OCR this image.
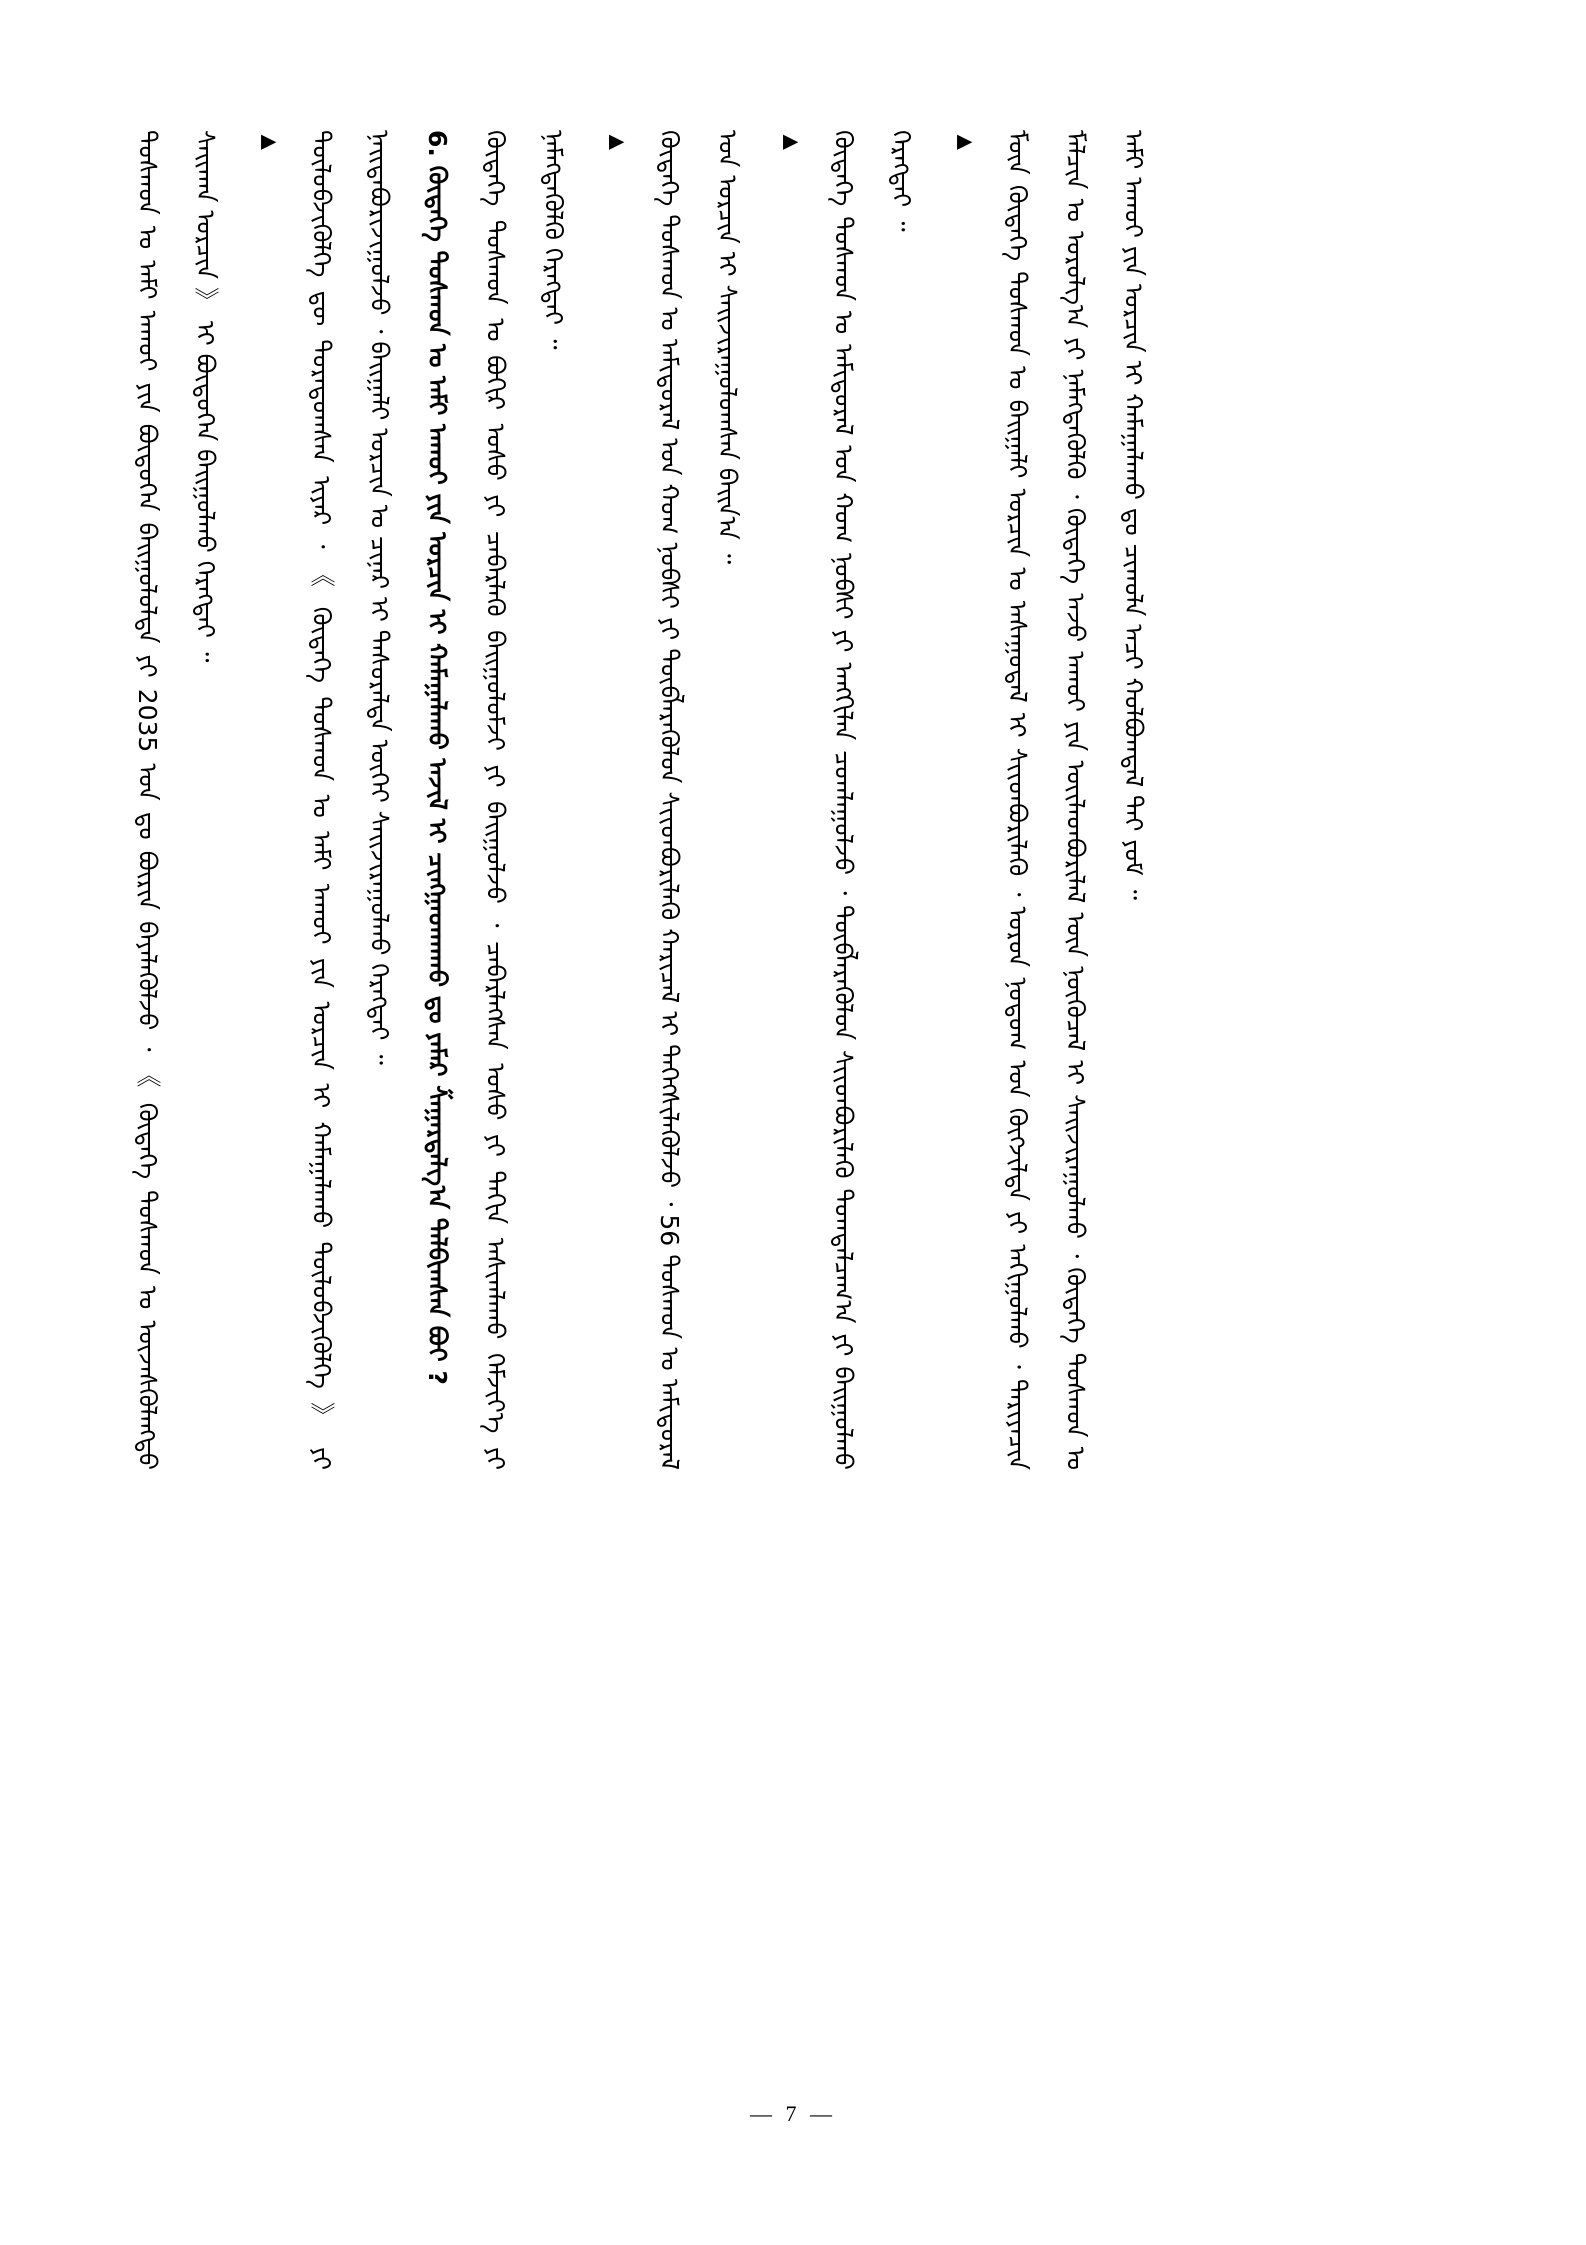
ᠲᠣᠰᠬᠣᠨ ᠤ ᠠᠮᠢ ᠠᠬᠤᠢ ᠶᠢᠨ ᠪᠦᠲᠦᠭᠡᠨ ᠪᠠᠢᠭᠤᠯᠤᠯᠲᠠ ᠶᠢ 2035 ᠣᠨ ᠳᠤ ᠪᠦᠷᠢᠨ ᠪᠡᠶᠡᠯᠡᠭᠦᠯᠵᠦ ᠂ 《 ᠬᠦᠳᠡᠭᠡ ᠲᠣᠰᠬᠣᠨ ᠤ ᠦᠵᠡᠰᠬᠦᠯᠡᠩᠲᠦ ᠰᠠᠢᠬᠠᠨ ᠣᠷᠴᠢᠨ 》 ᠢ ᠪᠦᠲᠦᠭᠡᠨ ᠪᠠᠢᠭᠤᠯᠬᠤ ᠬᠡᠷᠡᠭᠲᠡᠢ ᠃	▲ ᠲᠦᠯᠦᠪᠵᠢᠭᠦᠯᠭᠡ ᠳᠦ ᠳᠤᠷᠠᠳᠤᠭᠰᠠᠨ ᠢᠶᠠᠷ ᠂ 《 ᠬᠦᠳᠡᠭᠡ ᠲᠣᠰᠬᠣᠨ ᠤ ᠠᠮᠢ ᠠᠬᠤᠢ ᠶᠢᠨ ᠣᠷᠴᠢᠨ ᠢ ᠬᠠᠮᠠᠭᠠᠯᠠᠬᠤ ᠲᠦᠯᠦᠪᠵᠢᠭᠦᠯᠭᠡ 》 ᠶᠢ ᠨᠠᠢᠳᠠᠪᠤᠷᠢᠵᠢᠭᠤᠯᠵᠤ ᠂ ᠪᠠᠢᠭᠠᠯᠢ ᠣᠷᠴᠢᠨ ᠤ ᠴᠢᠨᠠᠷ ᠢ ᠲᠠᠰᠤᠷᠠᠯᠲᠠ ᠦᠭᠡᠢ ᠰᠠᠢᠵᠢᠷᠠᠭᠤᠯᠬᠤ ᠬᠡᠷᠡᠭᠲᠡᠢ ᠃	6. ᠬᠦᠳᠡᠭᠡ ᠲᠣᠰᠬᠣᠨ ᠤ ᠠᠮᠢ ᠠᠬᠤᠢ ᠶᠢᠨ ᠣᠷᠴᠢᠨ ᠢ ᠬᠠᠮᠠᠭᠠᠯᠠᠬᠤ ᠠᠵᠢᠯ ᠢ ᠴᠢᠩᠭᠠᠳᠬᠠᠬᠤ ᠳᠤ ᠶᠠᠮᠠᠷ ᠱᠠᠭᠠᠷᠳᠠᠯᠭ᠎ᠠ ᠲᠠᠯᠪᠢᠭᠰᠠᠨ ᠪᠤᠢ ?	ᠬᠦᠳᠡᠭᠡ ᠲᠣᠰᠬᠣᠨ ᠤ ᠪᠣᠬᠢᠷ ᠤᠰᠤ ᠶᠢ ᠴᠡᠪᠡᠷᠯᠡᠬᠦ ᠪᠠᠢᠭᠤᠯᠤᠮᠵᠢ ᠶᠢ ᠪᠠᠢᠭᠤᠯᠵᠤ ᠂ ᠴᠡᠪᠡᠷᠯᠡᠭᠰᠡᠨ ᠤᠰᠤ ᠶᠢ ᠳᠠᠬᠢᠨ ᠠᠰᠢᠭᠯᠠᠬᠤ ᠬᠡᠮᠵᠢᠶ᠎ᠡ ᠶᠢ ᠨᠡᠮᠡᠭᠳᠡᠭᠦᠯᠬᠦ ᠬᠡᠷᠡᠭᠲᠡᠢ ᠃	▲ ᠬᠦᠳᠡᠭᠡ ᠲᠣᠰᠬᠣᠨ ᠤ ᠠᠮᠢᠳᠤᠷᠠᠯ ᠤᠨ ᠬᠣᠭ ᠨᠣᠪᠰᠢ ᠶᠢ ᠲᠦᠪᠯᠡᠷᠡᠭᠦᠯᠦᠨ ᠰᠢᠢᠳᠪᠦᠷᠢᠯᠡᠬᠦ ᠬᠠᠷᠢᠴᠠᠯ ᠢ ᠳᠡᠭᠡᠭᠰᠢᠯᠡᠭᠦᠯᠵᠦ ᠂ 56 ᠲᠣᠰᠬᠣᠨ ᠤ ᠠᠮᠢᠳᠤᠷᠠᠯ ᠤᠨ ᠣᠷᠴᠢᠨ ᠢ ᠰᠠᠢᠵᠢᠷᠠᠭᠤᠯᠤᠭᠰᠠᠨ ᠪᠠᠢᠨ᠎ᠠ ᠃	▲ ᠬᠦᠳᠡᠭᠡ ᠲᠣᠰᠬᠣᠨ ᠤ ᠠᠮᠢᠳᠤᠷᠠᠯ ᠤᠨ ᠬᠣᠭ ᠨᠣᠪᠰᠢ ᠶᠢ ᠠᠩᠭᠢᠯᠠᠨ ᠴᠤᠭᠯᠠᠭᠤᠯᠵᠤ ᠂ ᠲᠦᠪᠯᠡᠷᠡᠭᠦᠯᠦᠨ ᠰᠢᠢᠳᠪᠦᠷᠢᠯᠡᠬᠦ ᠲᠣᠭᠲᠠᠯᠴᠠᠭ᠎ᠠ ᠶᠢ ᠪᠠᠢᠭᠤᠯᠬᠤ ᠬᠡᠷᠡᠭᠲᠡᠢ ᠃	▲ ᠮᠦᠨ ᠬᠦᠳᠡᠭᠡ ᠲᠣᠰᠬᠣᠨ ᠤ ᠪᠠᠢᠭᠠᠯᠢ ᠣᠷᠴᠢᠨ ᠤ ᠠᠰᠠᠭᠤᠳᠠᠯ ᠢ ᠰᠢᠢᠳᠪᠦᠷᠢᠯᠡᠬᠦ ᠂ ᠣᠷᠣᠨ ᠨᠤᠲᠤᠭ ᠤᠨ ᠬᠦᠭᠵᠢᠯᠲᠡ ᠶᠢ ᠠᠬᠢᠭᠤᠯᠬᠤ ᠂ ᠲᠠᠷᠢᠶᠠᠴᠢᠨ ᠮᠠᠯᠴᠢᠨ ᠤ ᠣᠷᠣᠯᠭ᠎ᠠ ᠶᠢ ᠨᠡᠮᠡᠭᠳᠡᠭᠦᠯᠬᠦ ᠂ ᠬᠦᠳᠡᠭᠡ ᠠᠵᠤ ᠠᠬᠤᠢ ᠶᠢᠨ ᠦᠢᠯᠡᠳᠪᠦᠷᠢᠯᠡᠯ ᠦᠨ ᠨᠦᠬᠦᠴᠡᠯ ᠢ ᠰᠠᠢᠵᠢᠷᠠᠭᠤᠯᠬᠤ ᠂ ᠬᠦᠳᠡᠭᠡ ᠲᠣᠰᠬᠣᠨ ᠤ ᠠᠮᠢ ᠠᠬᠤᠢ ᠶᠢᠨ ᠣᠷᠴᠢᠨ ᠢ ᠬᠠᠮᠠᠭᠠᠯᠠᠬᠤ ᠳᠤ ᠴᠢᠬᠤᠯᠠ ᠠᠴᠢ ᠬᠣᠯᠪᠣᠭᠳᠠᠯ ᠲᠠᠢ ᠶᠤᠮ ᠃
— 7 —
